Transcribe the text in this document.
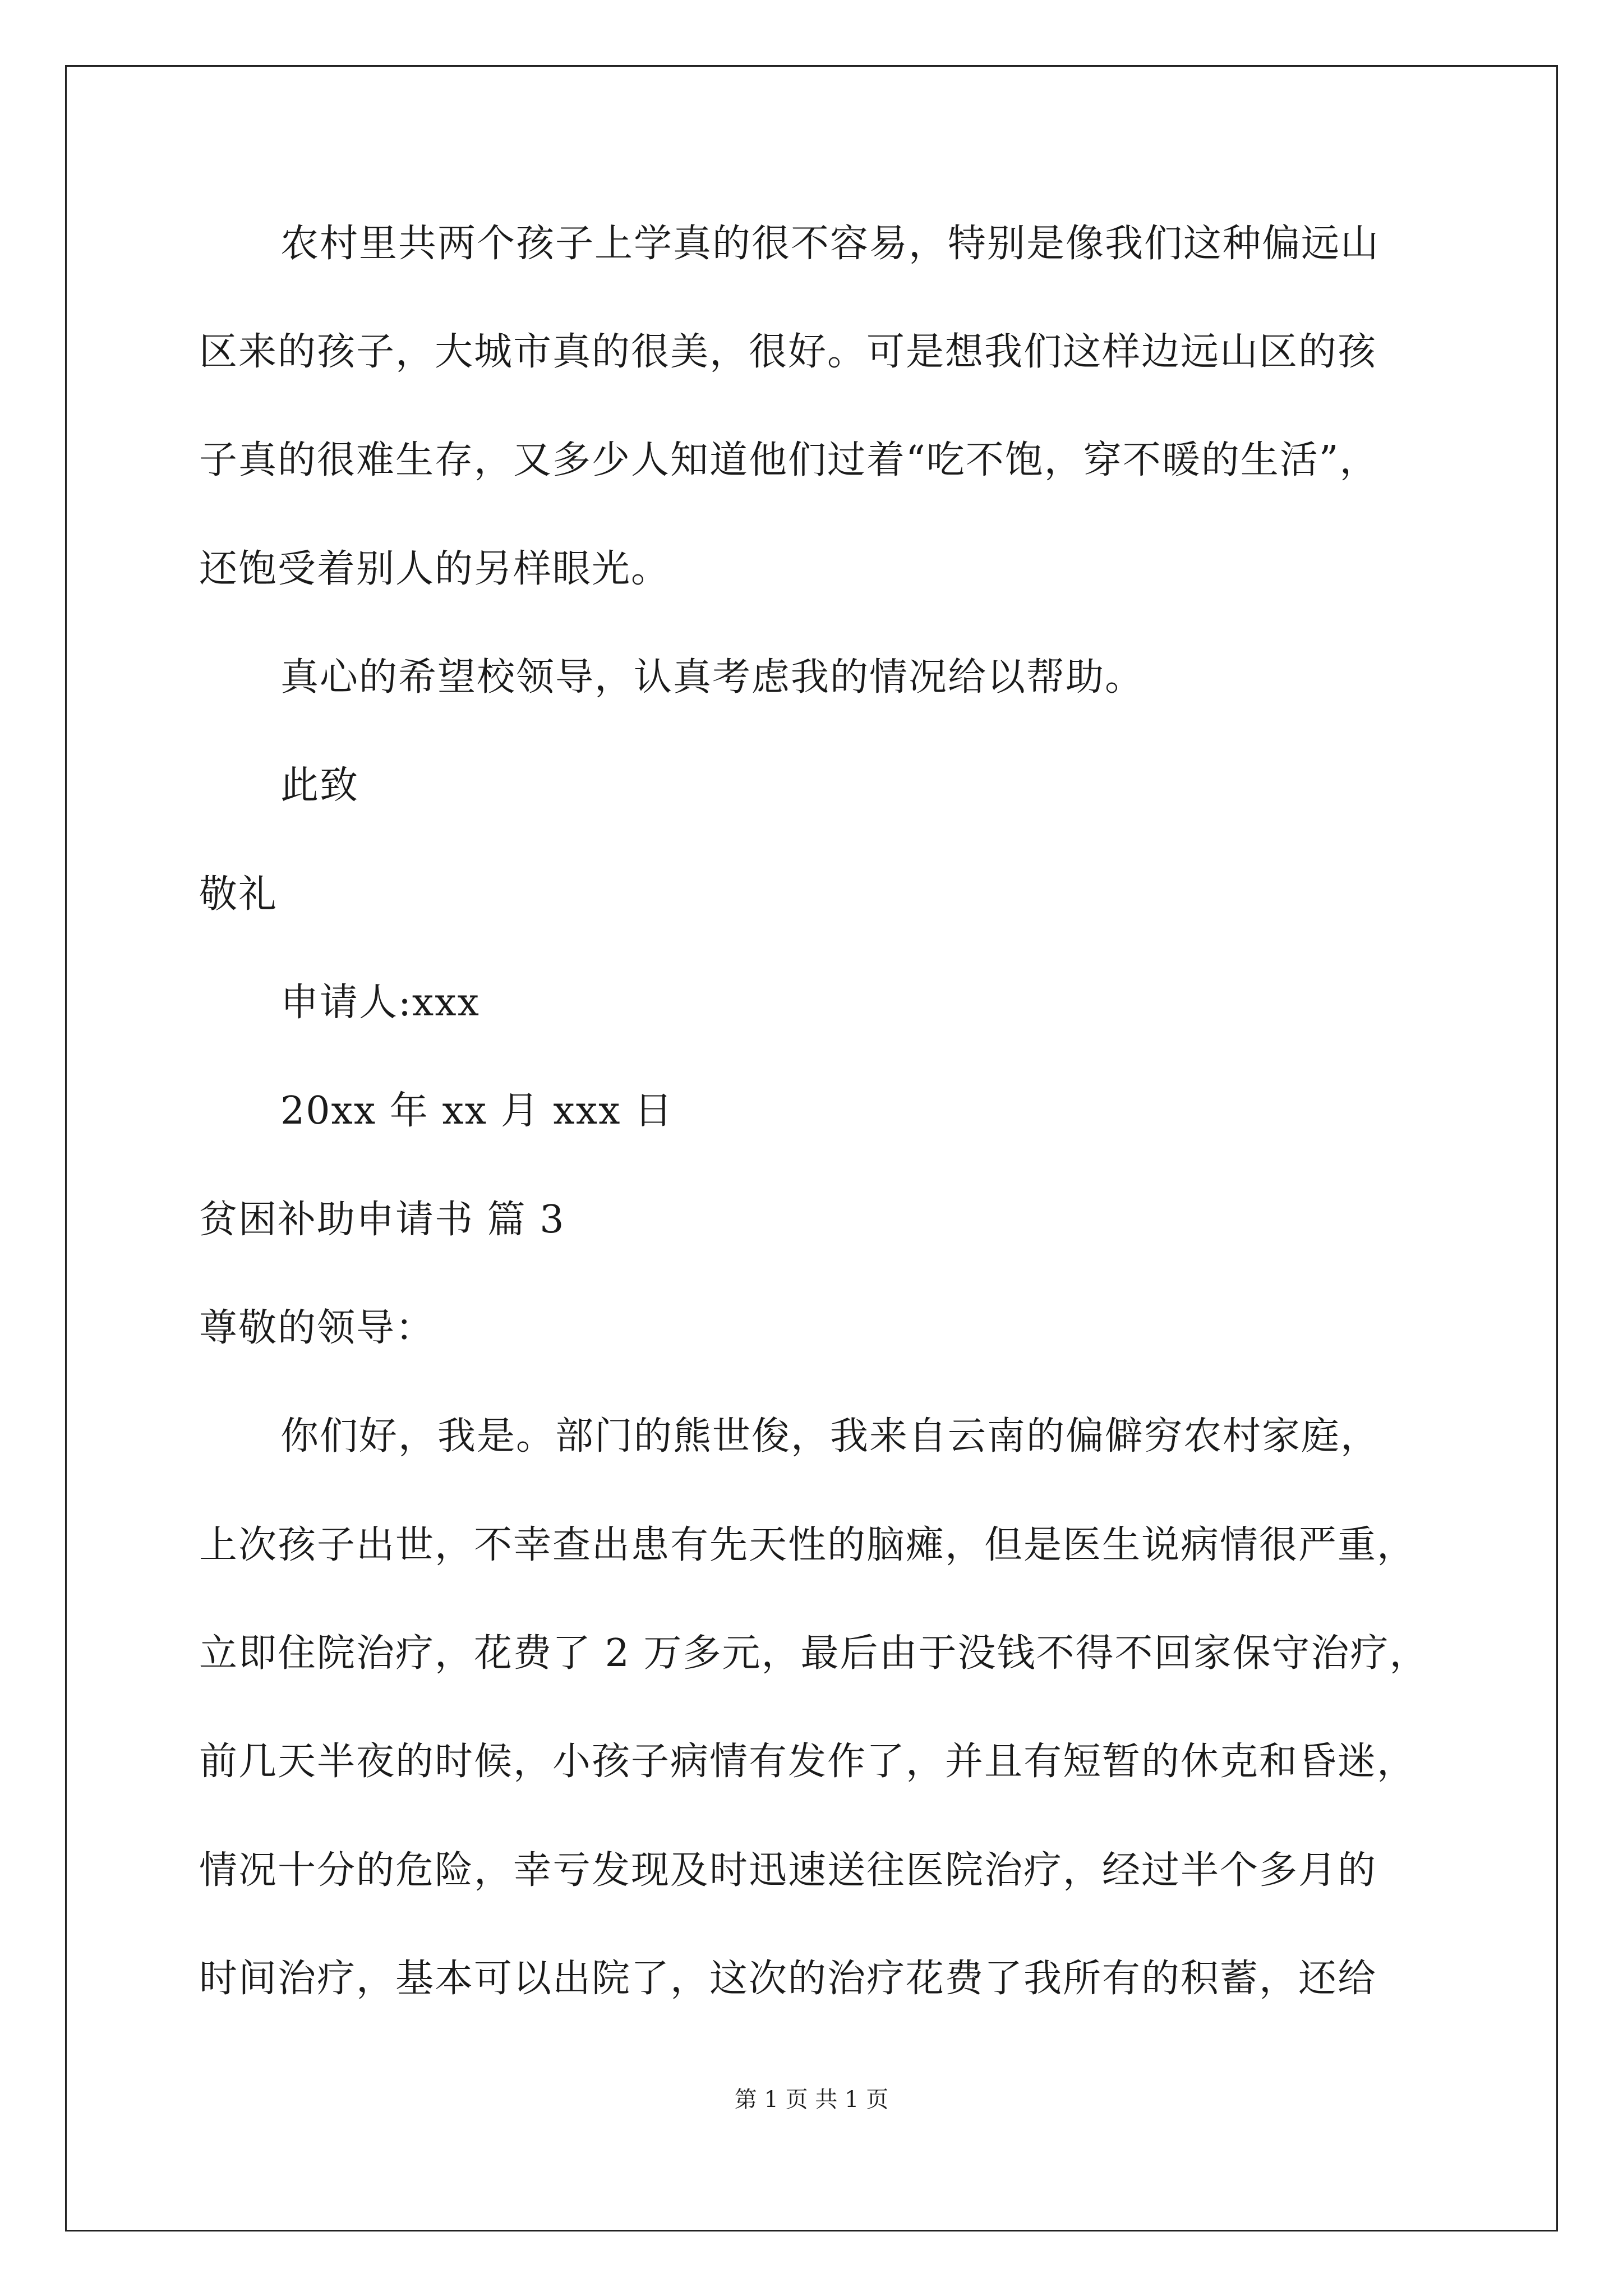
农村里共两个孩子上学真的很不容易，特别是像我们这种偏远山
区来的孩子，大城市真的很美，很好。可是想我们这样边远山区的孩
子真的很难生存，又多少人知道他们过着“吃不饱，穿不暖的生活”，
还饱受着别人的另样眼光。
真心的希望校领导，认真考虑我的情况给以帮助。
此致
敬礼
申请人:xxx
20xx 年 xx 月 xxx 日
贫困补助申请书 篇 3
尊敬的领导：
你们好，我是。部门的熊世俊，我来自云南的偏僻穷农村家庭，
上次孩子出世，不幸查出患有先天性的脑瘫，但是医生说病情很严重，
立即住院治疗，花费了 2 万多元，最后由于没钱不得不回家保守治疗，
前几天半夜的时候，小孩子病情有发作了，并且有短暂的休克和昏迷，
情况十分的危险，幸亏发现及时迅速送往医院治疗，经过半个多月的
时间治疗，基本可以出院了，这次的治疗花费了我所有的积蓄，还给
第 1 页 共 1 页
